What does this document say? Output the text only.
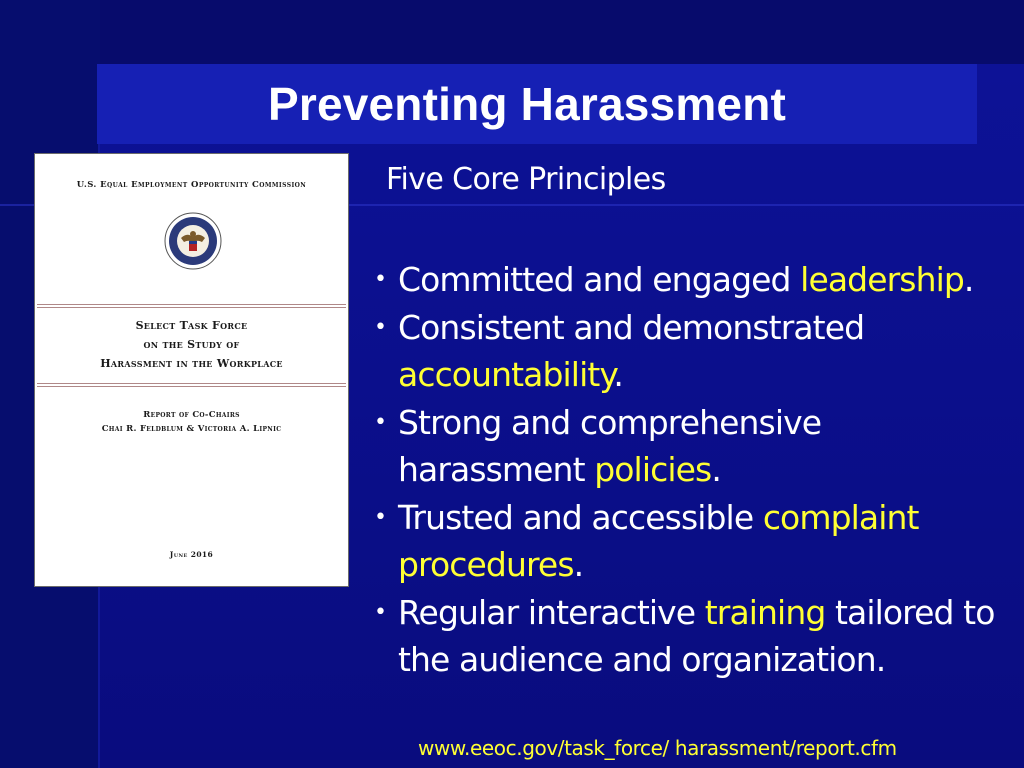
Preventing Harassment
U.S. Equal Employment Opportunity Commission
Select Task Force
on the Study of
Harassment in the Workplace
Report of Co-Chairs
Chai R. Feldblum & Victoria A. Lipnic
June 2016
Five Core Principles
• Committed and engaged leadership.
• Consistent and demonstrated
accountability.
• Strong and comprehensive harassment policies.
• Trusted and accessible complaint procedures.
• Regular interactive training tailored to the audience and organization.
www.eeoc.gov/task_force/ harassment/report.cfm
